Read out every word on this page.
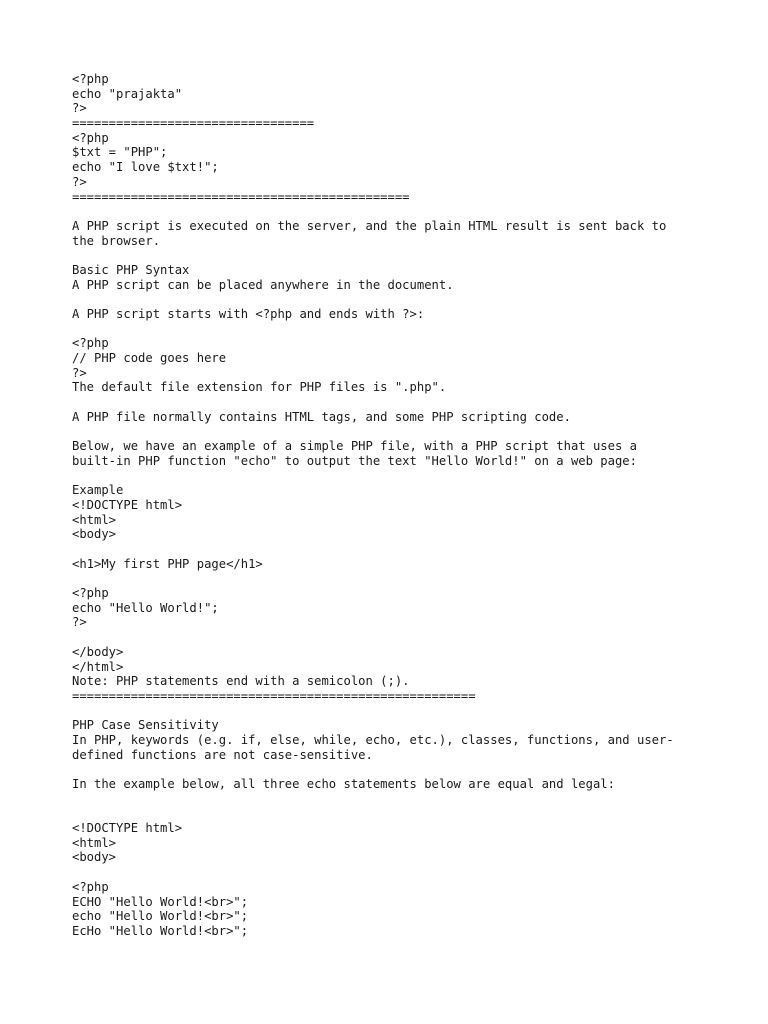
<?php
echo "prajakta"
?>
=================================
<?php
$txt = "PHP";
echo "I love $txt!";
?>
==============================================
A PHP script is executed on the server, and the plain HTML result is sent back to
the browser.
Basic PHP Syntax
A PHP script can be placed anywhere in the document.
A PHP script starts with <?php and ends with ?>:
<?php
// PHP code goes here
?>
The default file extension for PHP files is ".php".
A PHP file normally contains HTML tags, and some PHP scripting code.
Below, we have an example of a simple PHP file, with a PHP script that uses a
built-in PHP function "echo" to output the text "Hello World!" on a web page:
Example
<!DOCTYPE html>
<html>
<body>
<h1>My first PHP page</h1>
<?php
echo "Hello World!";
?>
</body>
</html>
Note: PHP statements end with a semicolon (;).
=======================================================
PHP Case Sensitivity
In PHP, keywords (e.g. if, else, while, echo, etc.), classes, functions, and user-
defined functions are not case-sensitive.
In the example below, all three echo statements below are equal and legal:
<!DOCTYPE html>
<html>
<body>
<?php
ECHO "Hello World!<br>";
echo "Hello World!<br>";
EcHo "Hello World!<br>";
